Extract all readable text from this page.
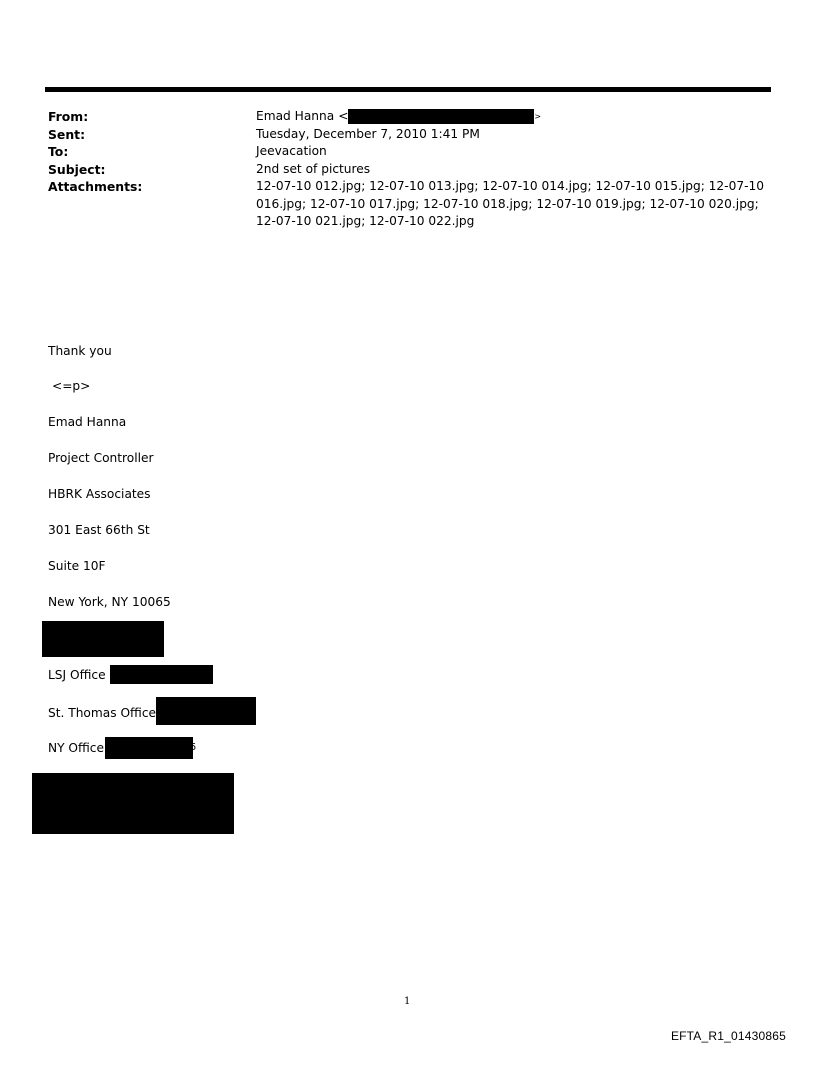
From:	Emad Hanna <	>
Sent:	Tuesday, December 7, 2010 1:41 PM
To:	Jeevacation
Subject:	2nd set of pictures
Attachments:	12-07-10 012.jpg; 12-07-10 013.jpg; 12-07-10 014.jpg; 12-07-10 015.jpg; 12-07-10
016.jpg; 12-07-10 017.jpg; 12-07-10 018.jpg; 12-07-10 019.jpg; 12-07-10 020.jpg;
12-07-10 021.jpg; 12-07-10 022.jpg
Thank you
<=p>
Emad Hanna
Project Controller
HBRK Associates
301 East 66th St
Suite 10F
New York, NY 10065
LSJ Office
St. Thomas Office
NY Office	5
1
EFTA_R1_01430865
